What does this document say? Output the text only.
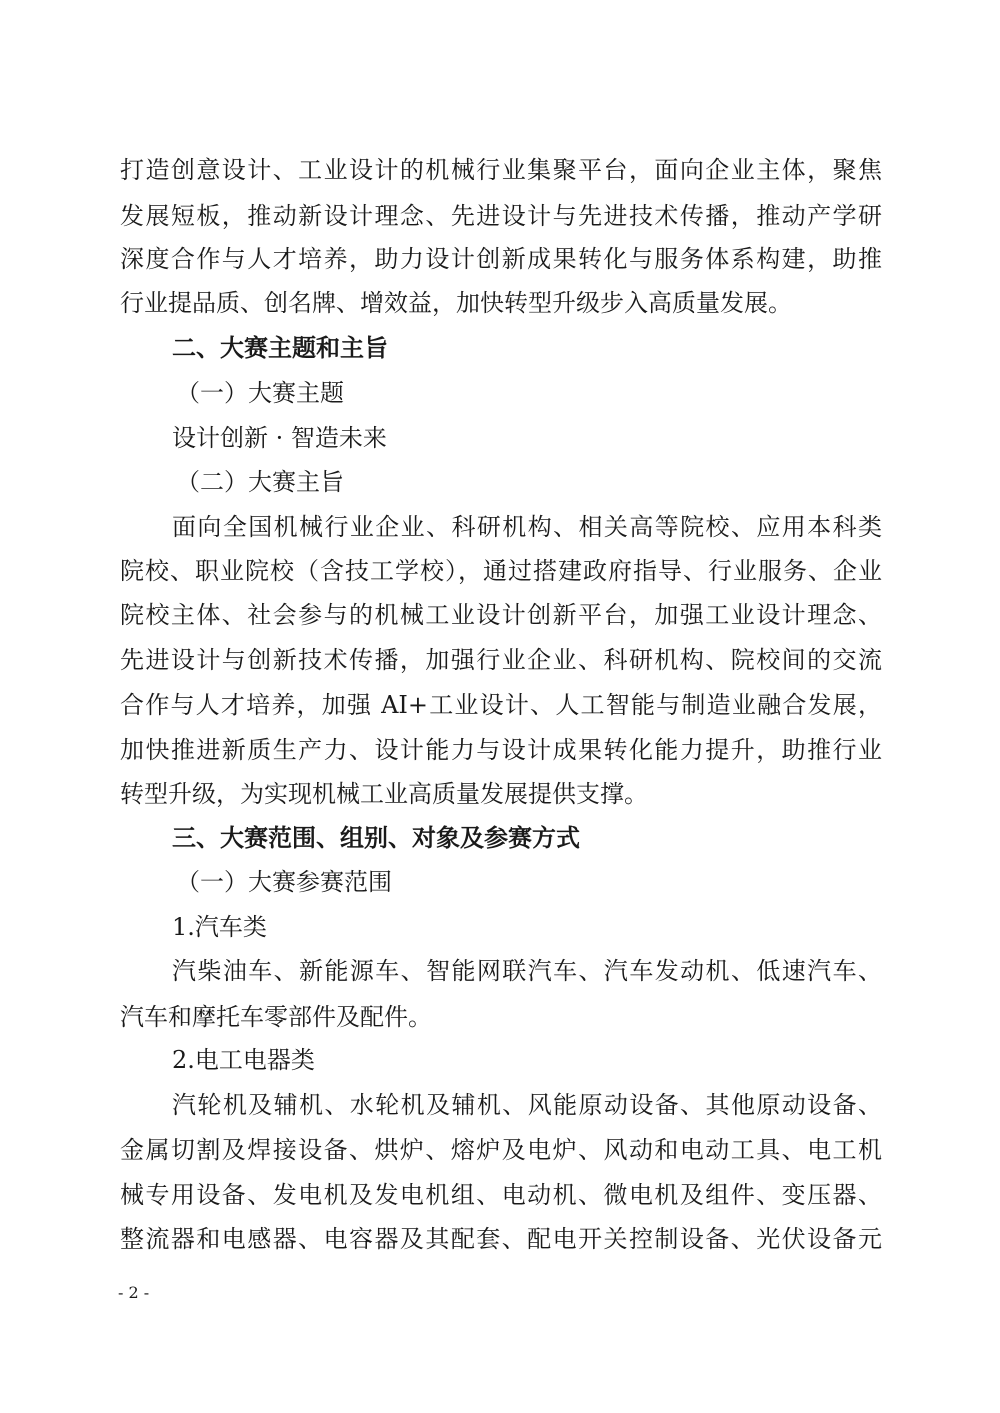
打造创意设计、工业设计的机械行业集聚平台，面向企业主体，聚焦
发展短板，推动新设计理念、先进设计与先进技术传播，推动产学研
深度合作与人才培养，助力设计创新成果转化与服务体系构建，助推
行业提品质、创名牌、增效益，加快转型升级步入高质量发展。
二、大赛主题和主旨
（一）大赛主题
设计创新 · 智造未来
（二）大赛主旨
面向全国机械行业企业、科研机构、相关高等院校、应用本科类
院校、职业院校（含技工学校），通过搭建政府指导、行业服务、企业
院校主体、社会参与的机械工业设计创新平台，加强工业设计理念、
先进设计与创新技术传播，加强行业企业、科研机构、院校间的交流
合作与人才培养，加强 AI+工业设计、人工智能与制造业融合发展，
加快推进新质生产力、设计能力与设计成果转化能力提升，助推行业
转型升级，为实现机械工业高质量发展提供支撑。
三、大赛范围、组别、对象及参赛方式
（一）大赛参赛范围
1.汽车类
汽柴油车、新能源车、智能网联汽车、汽车发动机、低速汽车、
汽车和摩托车零部件及配件。
2.电工电器类
汽轮机及辅机、水轮机及辅机、风能原动设备、其他原动设备、
金属切割及焊接设备、烘炉、熔炉及电炉、风动和电动工具、电工机
械专用设备、发电机及发电机组、电动机、微电机及组件、变压器、
整流器和电感器、电容器及其配套、配电开关控制设备、光伏设备元
- 2 -
